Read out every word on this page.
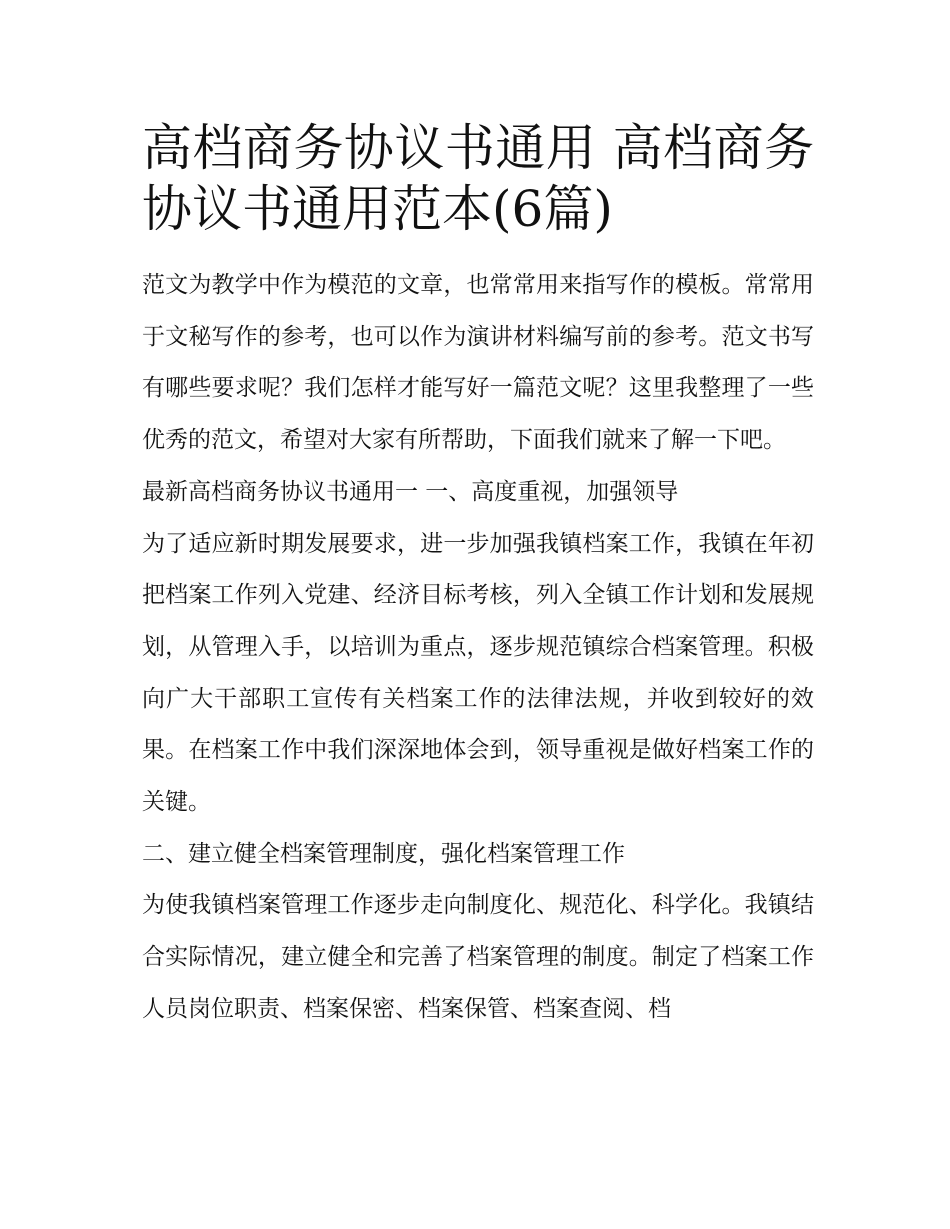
高档商务协议书通用 高档商务协议书通用范本(6篇)

范文为教学中作为模范的文章，也常常用来指写作的模板。常常用于文秘写作的参考，也可以作为演讲材料编写前的参考。范文书写有哪些要求呢？我们怎样才能写好一篇范文呢？这里我整理了一些优秀的范文，希望对大家有所帮助，下面我们就来了解一下吧。

最新高档商务协议书通用一 一、高度重视，加强领导

为了适应新时期发展要求，进一步加强我镇档案工作，我镇在年初把档案工作列入党建、经济目标考核，列入全镇工作计划和发展规划，从管理入手，以培训为重点，逐步规范镇综合档案管理。积极向广大干部职工宣传有关档案工作的法律法规，并收到较好的效果。在档案工作中我们深深地体会到，领导重视是做好档案工作的关键。

二、建立健全档案管理制度，强化档案管理工作

为使我镇档案管理工作逐步走向制度化、规范化、科学化。我镇结合实际情况，建立健全和完善了档案管理的制度。制定了档案工作人员岗位职责、档案保密、档案保管、档案查阅、档
